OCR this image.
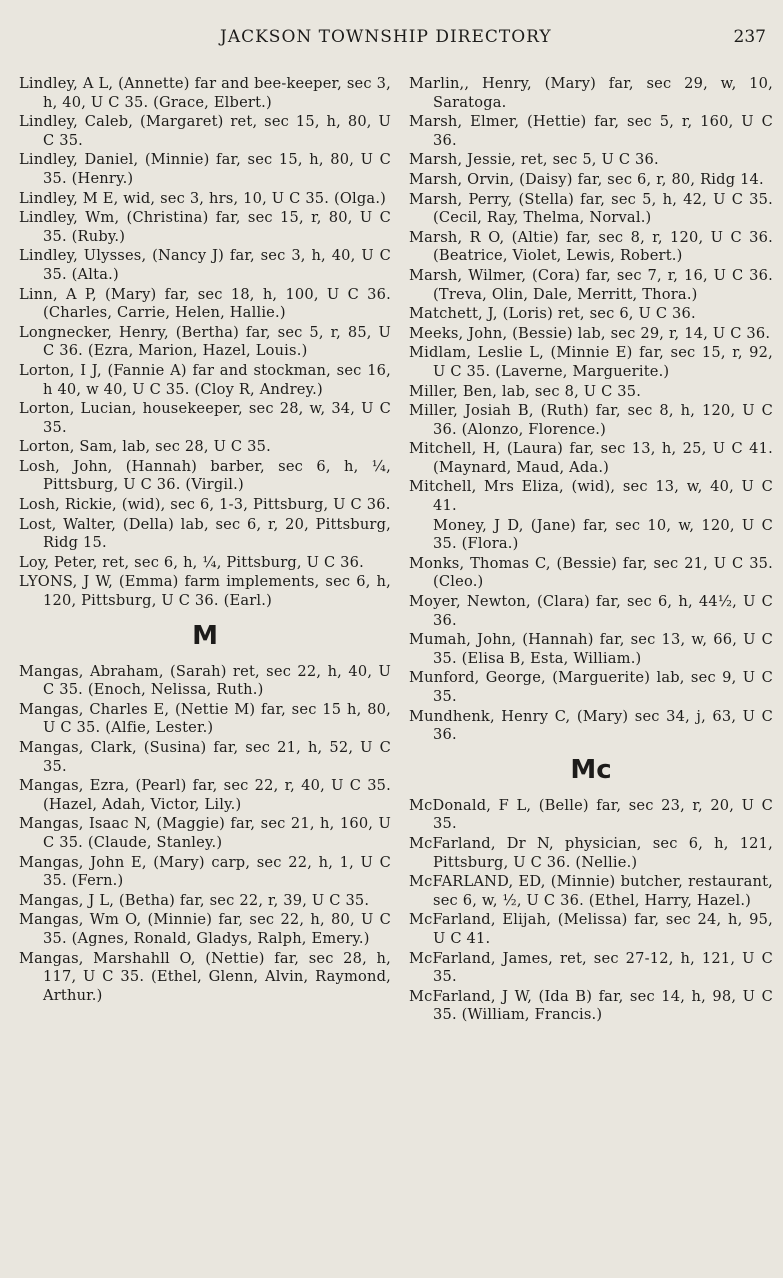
JACKSON TOWNSHIP DIRECTORY	237

Lindley, A L, (Annette) far and bee-keeper, sec 3, h, 40, U C 35. (Grace, Elbert.)

Lindley, Caleb, (Margaret) ret, sec 15, h, 80, U C 35.

Lindley, Daniel, (Minnie) far, sec 15, h, 80, U C 35. (Henry.)

Lindley, M E, wid, sec 3, hrs, 10, U C 35. (Olga.)

Lindley, Wm, (Christina) far, sec 15, r, 80, U C 35. (Ruby.)

Lindley, Ulysses, (Nancy J) far, sec 3, h, 40, U C 35. (Alta.)

Linn, A P, (Mary) far, sec 18, h, 100, U C 36. (Charles, Carrie, Helen, Hallie.)

Longnecker, Henry, (Bertha) far, sec 5, r, 85, U C 36. (Ezra, Marion, Hazel, Louis.)

Lorton, I J, (Fannie A) far and stockman, sec 16, h 40, w 40, U C 35. (Cloy R, Andrey.)

Lorton, Lucian, housekeeper, sec 28, w, 34, U C 35.

Lorton, Sam, lab, sec 28, U C 35.

Losh, John, (Hannah) barber, sec 6, h, ¼, Pittsburg, U C 36. (Virgil.)

Losh, Rickie, (wid), sec 6, 1-3, Pittsburg, U C 36.

Lost, Walter, (Della) lab, sec 6, r, 20, Pittsburg, Ridg 15.

Loy, Peter, ret, sec 6, h, ¼, Pittsburg, U C 36.

LYONS, J W, (Emma) farm implements, sec 6, h, 120, Pittsburg, U C 36. (Earl.)

M

Mangas, Abraham, (Sarah) ret, sec 22, h, 40, U C 35. (Enoch, Nelissa, Ruth.)

Mangas, Charles E, (Nettie M) far, sec 15 h, 80, U C 35. (Alfie, Lester.)

Mangas, Clark, (Susina) far, sec 21, h, 52, U C 35.

Mangas, Ezra, (Pearl) far, sec 22, r, 40, U C 35. (Hazel, Adah, Victor, Lily.)

Mangas, Isaac N, (Maggie) far, sec 21, h, 160, U C 35. (Claude, Stanley.)

Mangas, John E, (Mary) carp, sec 22, h, 1, U C 35. (Fern.)

Mangas, J L, (Betha) far, sec 22, r, 39, U C 35.

Mangas, Wm O, (Minnie) far, sec 22, h, 80, U C 35. (Agnes, Ronald, Gladys, Ralph, Emery.)

Mangas, Marshahll O, (Nettie) far, sec 28, h, 117, U C 35. (Ethel, Glenn, Alvin, Raymond, Arthur.)

Marlin,, Henry, (Mary) far, sec 29, w, 10, Saratoga.

Marsh, Elmer, (Hettie) far, sec 5, r, 160, U C 36.

Marsh, Jessie, ret, sec 5, U C 36.

Marsh, Orvin, (Daisy) far, sec 6, r, 80, Ridg 14.

Marsh, Perry, (Stella) far, sec 5, h, 42, U C 35. (Cecil, Ray, Thelma, Norval.)

Marsh, R O, (Altie) far, sec 8, r, 120, U C 36. (Beatrice, Violet, Lewis, Robert.)

Marsh, Wilmer, (Cora) far, sec 7, r, 16, U C 36. (Treva, Olin, Dale, Merritt, Thora.)

Matchett, J, (Loris) ret, sec 6, U C 36.

Meeks, John, (Bessie) lab, sec 29, r, 14, U C 36.

Midlam, Leslie L, (Minnie E) far, sec 15, r, 92, U C 35. (Laverne, Marguerite.)

Miller, Ben, lab, sec 8, U C 35.

Miller, Josiah B, (Ruth) far, sec 8, h, 120, U C 36. (Alonzo, Florence.)

Mitchell, H, (Laura) far, sec 13, h, 25, U C 41. (Maynard, Maud, Ada.)

Mitchell, Mrs Eliza, (wid), sec 13, w, 40, U C 41.

Money, J D, (Jane) far, sec 10, w, 120, U C 35. (Flora.)

Monks, Thomas C, (Bessie) far, sec 21, U C 35. (Cleo.)

Moyer, Newton, (Clara) far, sec 6, h, 44½, U C 36.

Mumah, John, (Hannah) far, sec 13, w, 66, U C 35. (Elisa B, Esta, William.)

Munford, George, (Marguerite) lab, sec 9, U C 35.

Mundhenk, Henry C, (Mary) sec 34, j, 63, U C 36.

Mc

McDonald, F L, (Belle) far, sec 23, r, 20, U C 35.

McFarland, Dr N, physician, sec 6, h, 121, Pittsburg, U C 36. (Nellie.)

McFARLAND, ED, (Minnie) butcher, restaurant, sec 6, w, ½, U C 36. (Ethel, Harry, Hazel.)

McFarland, Elijah, (Melissa) far, sec 24, h, 95, U C 41.

McFarland, James, ret, sec 27-12, h, 121, U C 35.

McFarland, J W, (Ida B) far, sec 14, h, 98, U C 35. (William, Francis.)
